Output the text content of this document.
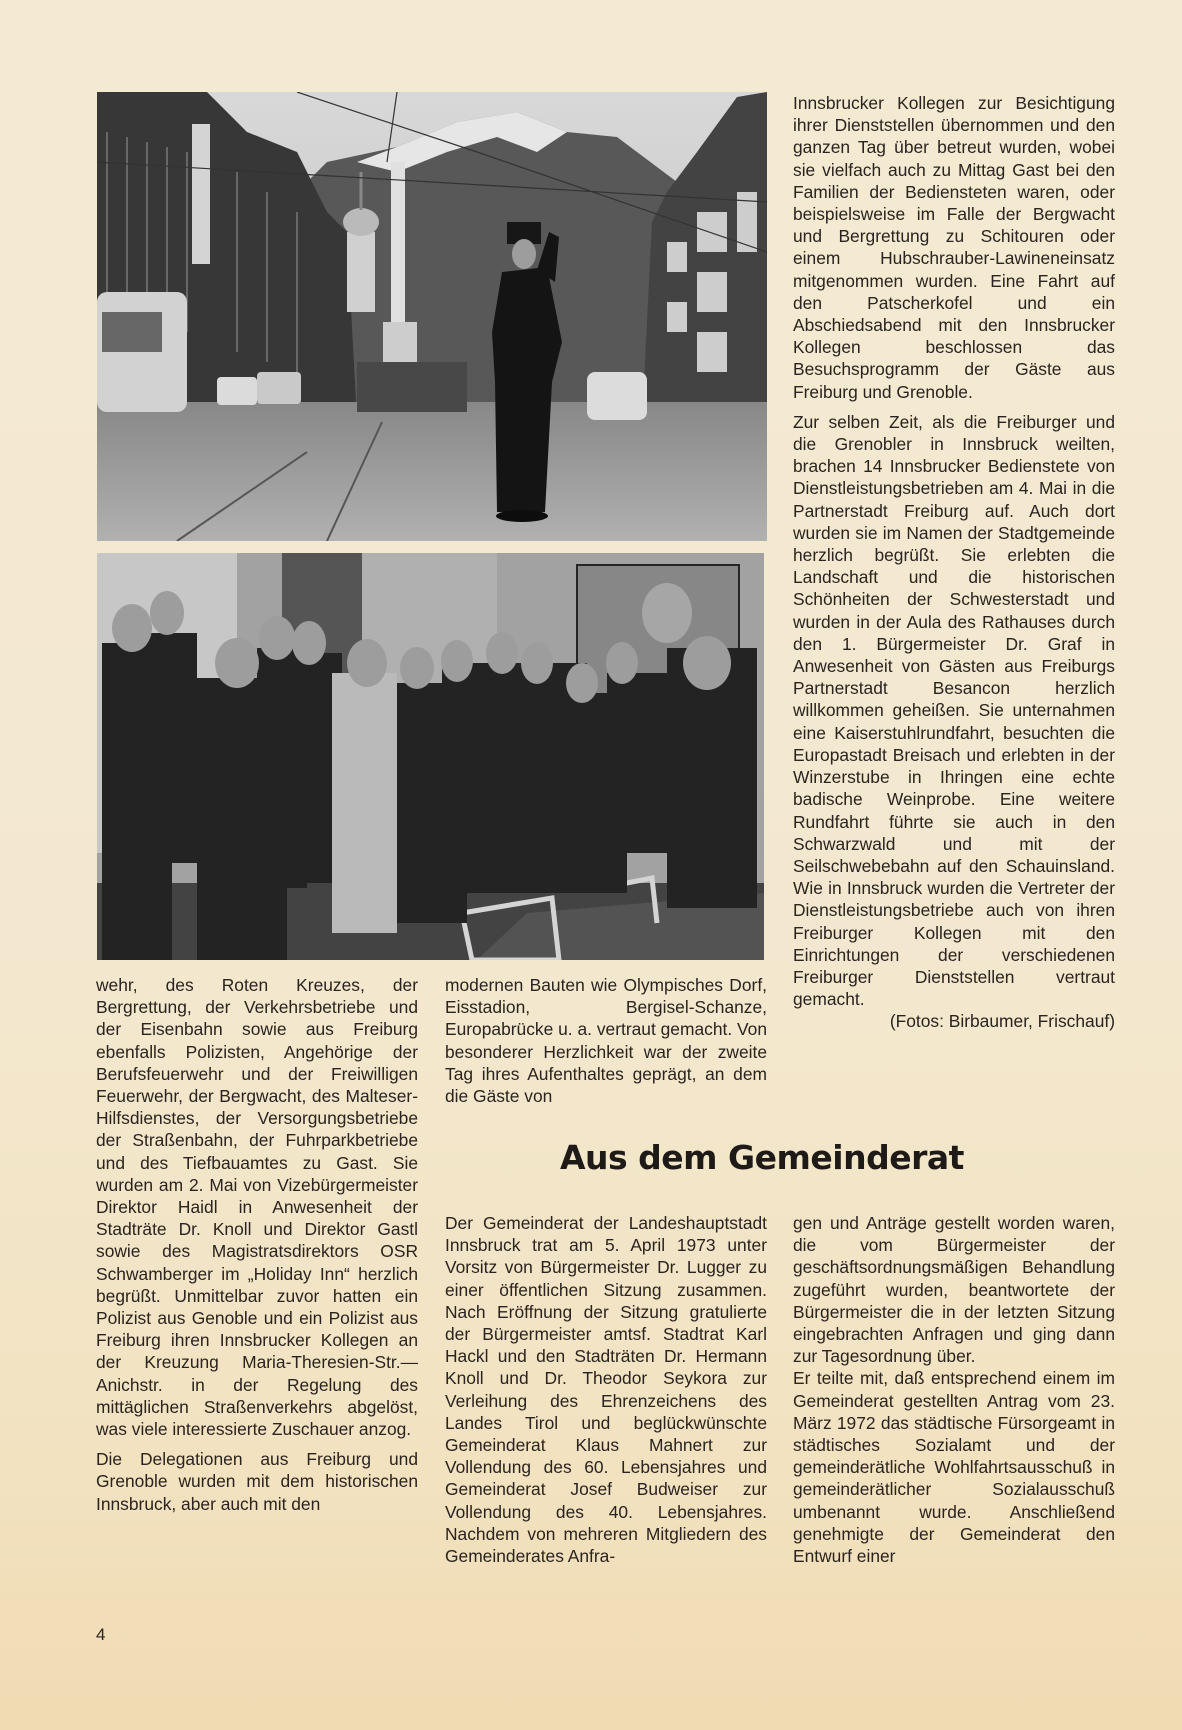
Innsbrucker Kollegen zur Besichtigung ihrer Dienststellen übernommen und den ganzen Tag über betreut wurden, wobei sie vielfach auch zu Mittag Gast bei den Familien der Bediensteten waren, oder beispielsweise im Falle der Bergwacht und Bergrettung zu Schitouren oder einem Hubschrauber-Lawineneinsatz mitgenommen wurden. Eine Fahrt auf den Patscherkofel und ein Abschiedsabend mit den Innsbrucker Kollegen beschlossen das Besuchsprogramm der Gäste aus Freiburg und Grenoble.

Zur selben Zeit, als die Freiburger und die Grenobler in Innsbruck weilten, brachen 14 Innsbrucker Bedienstete von Dienstleistungsbetrieben am 4. Mai in die Partnerstadt Freiburg auf. Auch dort wurden sie im Namen der Stadtgemeinde herzlich begrüßt. Sie erlebten die Landschaft und die historischen Schönheiten der Schwesterstadt und wurden in der Aula des Rathauses durch den 1. Bürgermeister Dr. Graf in Anwesenheit von Gästen aus Freiburgs Partnerstadt Besancon herzlich willkommen geheißen. Sie unternahmen eine Kaiserstuhlrundfahrt, besuchten die Europastadt Breisach und erlebten in der Winzerstube in Ihringen eine echte badische Weinprobe. Eine weitere Rundfahrt führte sie auch in den Schwarzwald und mit der Seilschwebebahn auf den Schauinsland. Wie in Innsbruck wurden die Vertreter der Dienstleistungsbetriebe auch von ihren Freiburger Kollegen mit den Einrichtungen der verschiedenen Freiburger Dienststellen vertraut gemacht.

(Fotos: Birbaumer, Frischauf)

wehr, des Roten Kreuzes, der Bergrettung, der Verkehrsbetriebe und der Eisenbahn sowie aus Freiburg ebenfalls Polizisten, Angehörige der Berufsfeuerwehr und der Freiwilligen Feuerwehr, der Bergwacht, des Malteser-Hilfsdienstes, der Versorgungsbetriebe der Straßenbahn, der Fuhrparkbetriebe und des Tiefbauamtes zu Gast. Sie wurden am 2. Mai von Vizebürgermeister Direktor Haidl in Anwesenheit der Stadträte Dr. Knoll und Direktor Gastl sowie des Magistratsdirektors OSR Schwamberger im „Holiday Inn“ herzlich begrüßt. Unmittelbar zuvor hatten ein Polizist aus Genoble und ein Polizist aus Freiburg ihren Innsbrucker Kollegen an der Kreuzung Maria-Theresien-Str.—Anichstr. in der Regelung des mittäglichen Straßenverkehrs abgelöst, was viele interessierte Zuschauer anzog.

Die Delegationen aus Freiburg und Grenoble wurden mit dem historischen Innsbruck, aber auch mit den

modernen Bauten wie Olympisches Dorf, Eisstadion, Bergisel-Schanze, Europabrücke u. a. vertraut gemacht. Von besonderer Herzlichkeit war der zweite Tag ihres Aufenthaltes geprägt, an dem die Gäste von

Aus dem Gemeinderat

Der Gemeinderat der Landeshauptstadt Innsbruck trat am 5. April 1973 unter Vorsitz von Bürgermeister Dr. Lugger zu einer öffentlichen Sitzung zusammen. Nach Eröffnung der Sitzung gratulierte der Bürgermeister amtsf. Stadtrat Karl Hackl und den Stadträten Dr. Hermann Knoll und Dr. Theodor Seykora zur Verleihung des Ehrenzeichens des Landes Tirol und beglückwünschte Gemeinderat Klaus Mahnert zur Vollendung des 60. Lebensjahres und Gemeinderat Josef Budweiser zur Vollendung des 40. Lebensjahres. Nachdem von mehreren Mitgliedern des Gemeinderates Anfra-

gen und Anträge gestellt worden waren, die vom Bürgermeister der geschäftsordnungsmäßigen Behandlung zugeführt wurden, beantwortete der Bürgermeister die in der letzten Sitzung eingebrachten Anfragen und ging dann zur Tagesordnung über.

Er teilte mit, daß entsprechend einem im Gemeinderat gestellten Antrag vom 23. März 1972 das städtische Fürsorgeamt in städtisches Sozialamt und der gemeinderätliche Wohlfahrtsausschuß in gemeinderätlicher Sozialausschuß umbenannt wurde. Anschließend genehmigte der Gemeinderat den Entwurf einer

4
